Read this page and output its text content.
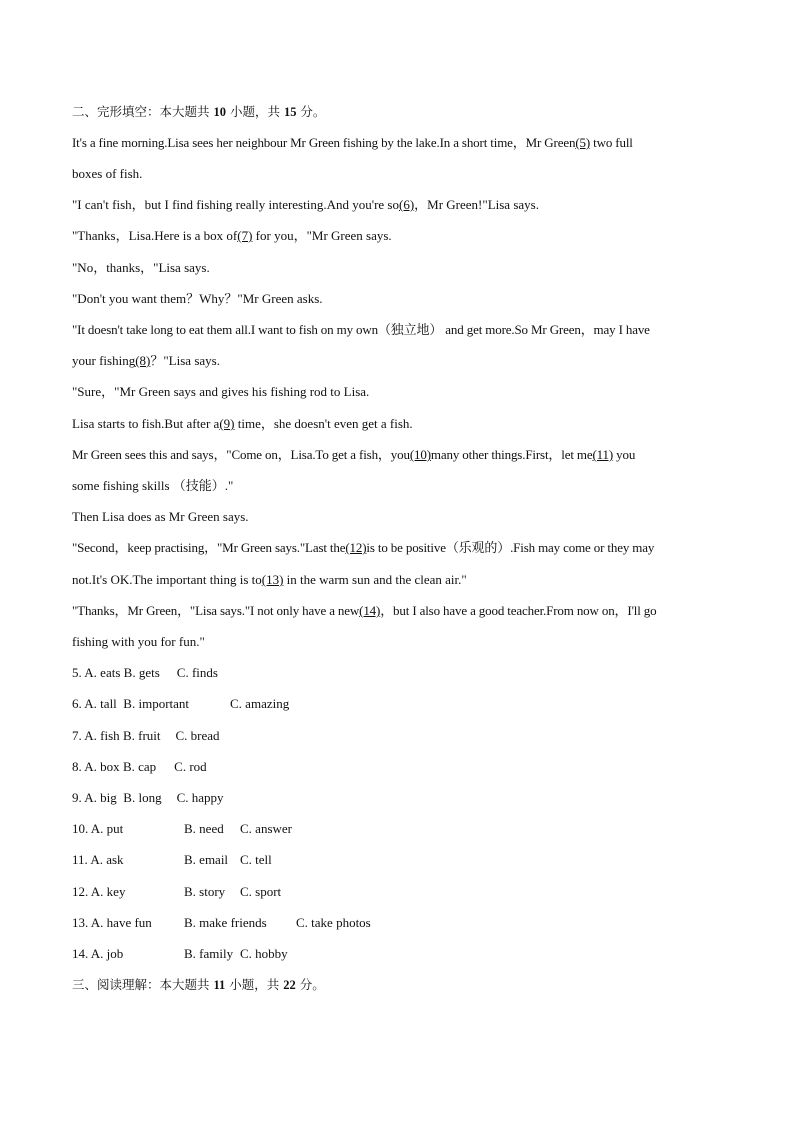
二、完形填空：本大题共 10 小题，共 15 分。
It's a fine morning.Lisa sees her neighbour Mr Green fishing by the lake.In a short time，Mr Green(5) two full
boxes of fish.
"I can't fish，but I find fishing really interesting.And you're so(6)，Mr Green!"Lisa says.
"Thanks，Lisa.Here is a box of(7) for you，"Mr Green says.
"No，thanks，"Lisa says.
"Don't you want them？Why？"Mr Green asks.
"It doesn't take long to eat them all.I want to fish on my own（独立地） and get more.So Mr Green，may I have
your fishing(8)？"Lisa says.
"Sure，"Mr Green says and gives his fishing rod to Lisa.
Lisa starts to fish.But after a(9) time，she doesn't even get a fish.
Mr Green sees this and says，"Come on，Lisa.To get a fish，you(10)many other things.First，let me(11) you
some fishing skills （技能）."
Then Lisa does as Mr Green says.
"Second，keep practising，"Mr Green says."Last the(12)is to be positive（乐观的）.Fish may come or they may
not.It's OK.The important thing is to(13) in the warm sun and the clean air."
"Thanks，Mr Green，"Lisa says."I not only have a new(14)，but I also have a good teacher.From now on，I'll go
fishing with you for fun."
5. A. eats B. gets C. finds
6. A. tall B. important	C. amazing
7. A. fish B. fruit C. bread
8. A. box B. cap C. rod
9. A. big B. long C. happy
10. A. put	B. need C. answer
11. A. ask	B. email C. tell
12. A. key	B. story C. sport
13. A. have fun B. make friends C. take photos
14. A. job	B. family C. hobby
三、阅读理解：本大题共 11 小题，共 22 分。
